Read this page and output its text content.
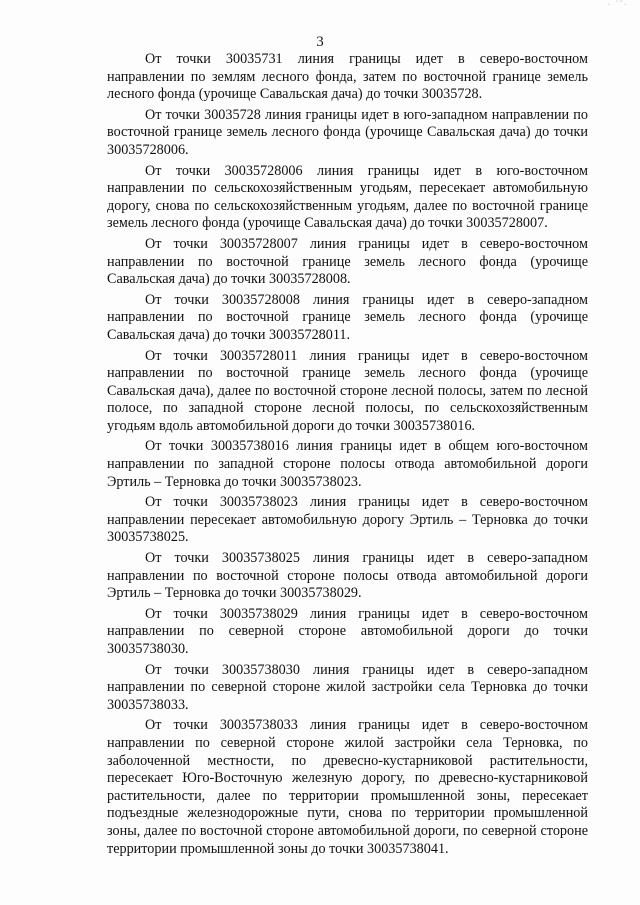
· ´˝·
3

От точки 30035731 линия границы идет в северо-восточном направлении по землям лесного фонда, затем по восточной границе земель лесного фонда (урочище Савальская дача) до точки 30035728.

От точки 30035728 линия границы идет в юго-западном направлении по восточной границе земель лесного фонда (урочище Савальская дача) до точки 30035728006.

От точки 30035728006 линия границы идет в юго-восточном направлении по сельскохозяйственным угодьям, пересекает автомобильную дорогу, снова по сельскохозяйственным угодьям, далее по восточной границе земель лесного фонда (урочище Савальская дача) до точки 30035728007.

От точки 30035728007 линия границы идет в северо-восточном направлении по восточной границе земель лесного фонда (урочище Савальская дача) до точки 30035728008.

От точки 30035728008 линия границы идет в северо-западном направлении по восточной границе земель лесного фонда (урочище Савальская дача) до точки 30035728011.

От точки 30035728011 линия границы идет в северо-восточном направлении по восточной границе земель лесного фонда (урочище Савальская дача), далее по восточной стороне лесной полосы, затем по лесной полосе, по западной стороне лесной полосы, по сельскохозяйственным угодьям вдоль автомобильной дороги до точки 30035738016.

От точки 30035738016 линия границы идет в общем юго-восточном направлении по западной стороне полосы отвода автомобильной дороги Эртиль – Терновка до точки 30035738023.

От точки 30035738023 линия границы идет в северо-восточном направлении пересекает автомобильную дорогу Эртиль – Терновка до точки 30035738025.

От точки 30035738025 линия границы идет в северо-западном направлении по восточной стороне полосы отвода автомобильной дороги Эртиль – Терновка до точки 30035738029.

От точки 30035738029 линия границы идет в северо-восточном направлении по северной стороне автомобильной дороги до точки 30035738030.

От точки 30035738030 линия границы идет в северо-западном направлении по северной стороне жилой застройки села Терновка до точки 30035738033.

От точки 30035738033 линия границы идет в северо-восточном направлении по северной стороне жилой застройки села Терновка, по заболоченной местности, по древесно-кустарниковой растительности, пересекает Юго-Восточную железную дорогу, по древесно-кустарниковой растительности, далее по территории промышленной зоны, пересекает подъездные железнодорожные пути, снова по территории промышленной зоны, далее по восточной стороне автомобильной дороги, по северной стороне территории промышленной зоны до точки 30035738041.
